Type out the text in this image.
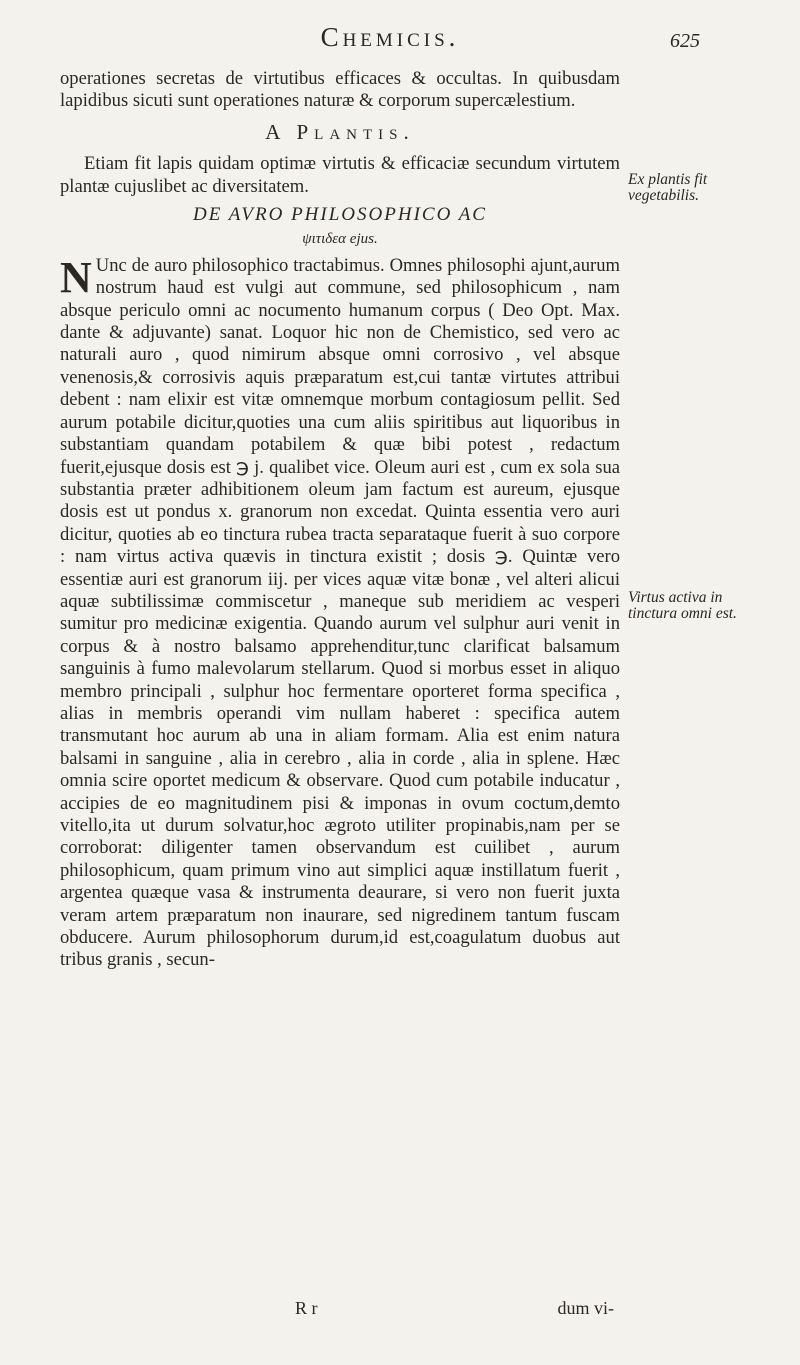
Chemicis.	625

operationes secretas de virtutibus efficaces & occultas. In quibusdam lapidibus sicuti sunt operationes naturæ & corporum supercælestium.

A Plantis.

Etiam fit lapis quidam optimæ virtutis & efficaciæ secundum virtutem plantæ cujuslibet ac diversitatem.

DE AVRO PHILOSOPHICO AC
ψιτιδεα ejus.

N Unc de auro philosophico tractabimus. Omnes philosophi ajunt,aurum nostrum haud est vulgi aut commune, sed philosophicum , nam absque periculo omni ac nocumento humanum corpus ( Deo Opt. Max. dante & adjuvante) sanat. Loquor hic non de Chemistico, sed vero ac naturali auro , quod nimirum absque omni corrosivo , vel absque venenosis,& corrosivis aquis præparatum est,cui tantæ virtutes attribui debent : nam elixir est vitæ omnemque morbum contagiosum pellit. Sed aurum potabile dicitur,quoties una cum aliis spiritibus aut liquoribus in substantiam quandam potabilem & quæ bibi potest , redactum fuerit,ejusque dosis est ℈ j. qualibet vice. Oleum auri est , cum ex sola sua substantia præter adhibitionem oleum jam factum est aureum, ejusque dosis est ut pondus x. granorum non excedat. Quinta essentia vero auri dicitur, quoties ab eo tinctura rubea tracta separataque fuerit à suo corpore : nam virtus activa quævis in tinctura existit ; dosis ℈. Quintæ vero essentiæ auri est granorum iij. per vices aquæ vitæ bonæ , vel alteri alicui aquæ subtilissimæ commiscetur , maneque sub meridiem ac vesperi sumitur pro medicinæ exigentia. Quando aurum vel sulphur auri venit in corpus & à nostro balsamo apprehenditur,tunc clarificat balsamum sanguinis à fumo malevolarum stellarum. Quod si morbus esset in aliquo membro principali , sulphur hoc fermentare oporteret forma specifica , alias in membris operandi vim nullam haberet : specifica autem transmutant hoc aurum ab una in aliam formam. Alia est enim natura balsami in sanguine , alia in cerebro , alia in corde , alia in splene. Hæc omnia scire oportet medicum & observare. Quod cum potabile inducatur , accipies de eo magnitudinem pisi & imponas in ovum coctum,demto vitello,ita ut durum solvatur,hoc ægroto utiliter propinabis,nam per se corroborat: diligenter tamen observandum est cuilibet , aurum philosophicum, quam primum vino aut simplici aquæ instillatum fuerit , argentea quæque vasa & instrumenta deaurare, si vero non fuerit juxta veram artem præparatum non inaurare, sed nigredinem tantum fuscam obducere. Aurum philosophorum durum,id est,coagulatum duobus aut tribus granis , secun-

Ex plantis fit vegetabilis.
Virtus activa in tinctura omni est.
R r	dum vi-
